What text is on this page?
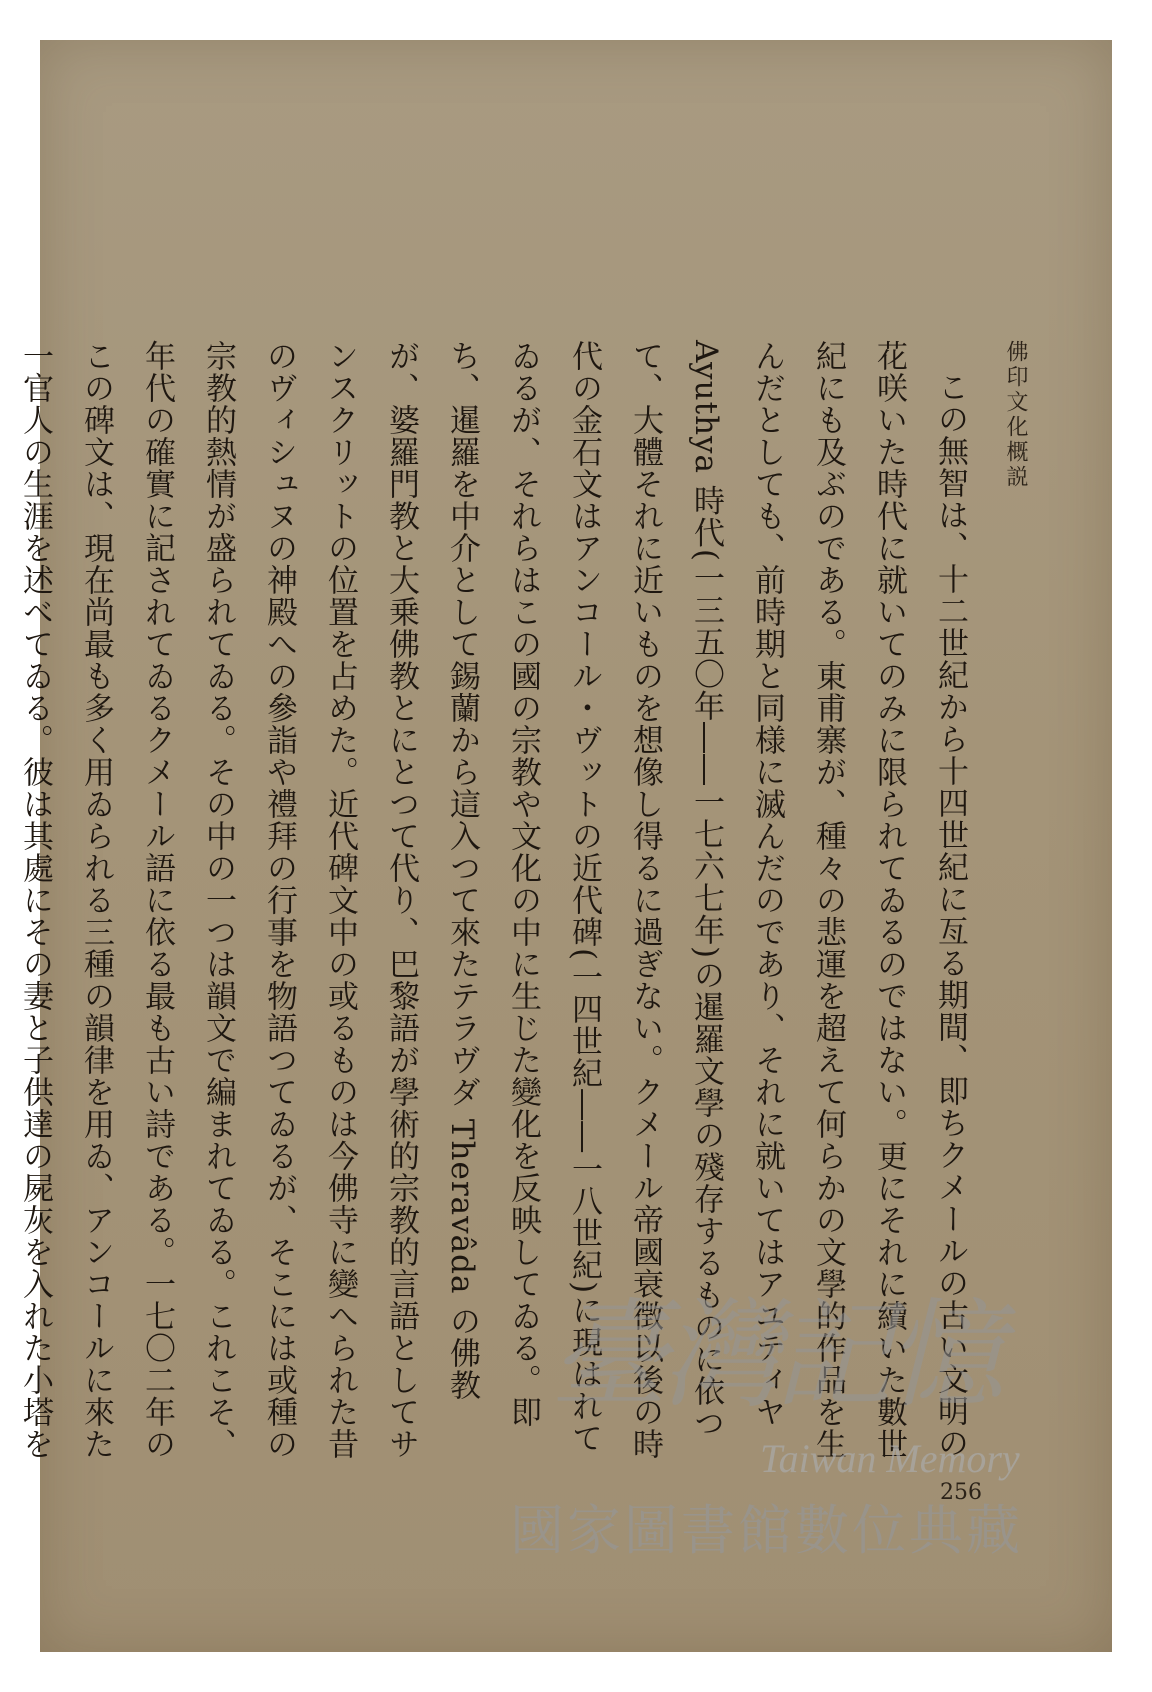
佛印文化概説

この無智は、十二世紀から十四世紀に亙る期間、即ちクメールの古い文明の花咲いた時代に就いてのみに限られてゐるのではない。更にそれに續いた數世紀にも及ぶのである。東甫寨が、種々の悲運を超えて何らかの文學的作品を生んだとしても、前時期と同様に滅んだのであり、それに就いてはアユティヤ Ayuthya 時代(一三五〇年――一七六七年)の暹羅文學の殘存するものに依つて、大體それに近いものを想像し得るに過ぎない。クメール帝國衰徴以後の時代の金石文はアンコール・ヴットの近代碑(一四世紀――一八世紀)に現はれてゐるが、それらはこの國の宗教や文化の中に生じた變化を反映してゐる。即ち、暹羅を中介として錫蘭から這入つて來たテラヴダ Theravâda の佛教が、婆羅門教と大乗佛教とにとつて代り、巴黎語が學術的宗教的言語としてサンスクリットの位置を占めた。近代碑文中の或るものは今佛寺に變へられた昔のヴィシュヌの神殿への參詣や禮拜の行事を物語つてゐるが、そこには或種の宗教的熱情が盛られてゐる。その中の一つは韻文で編まれてゐる。これこそ、年代の確實に記されてゐるクメール語に依る最も古い詩である。一七〇二年のこの碑文は、現在尚最も多く用ゐられる三種の韻律を用ゐ、アンコールに來た一官人の生涯を述べてゐる。彼は其處にその妻と子供達の屍灰を入れた小塔を

256
臺灣記憶
Taiwan Memory
國家圖書館數位典藏
